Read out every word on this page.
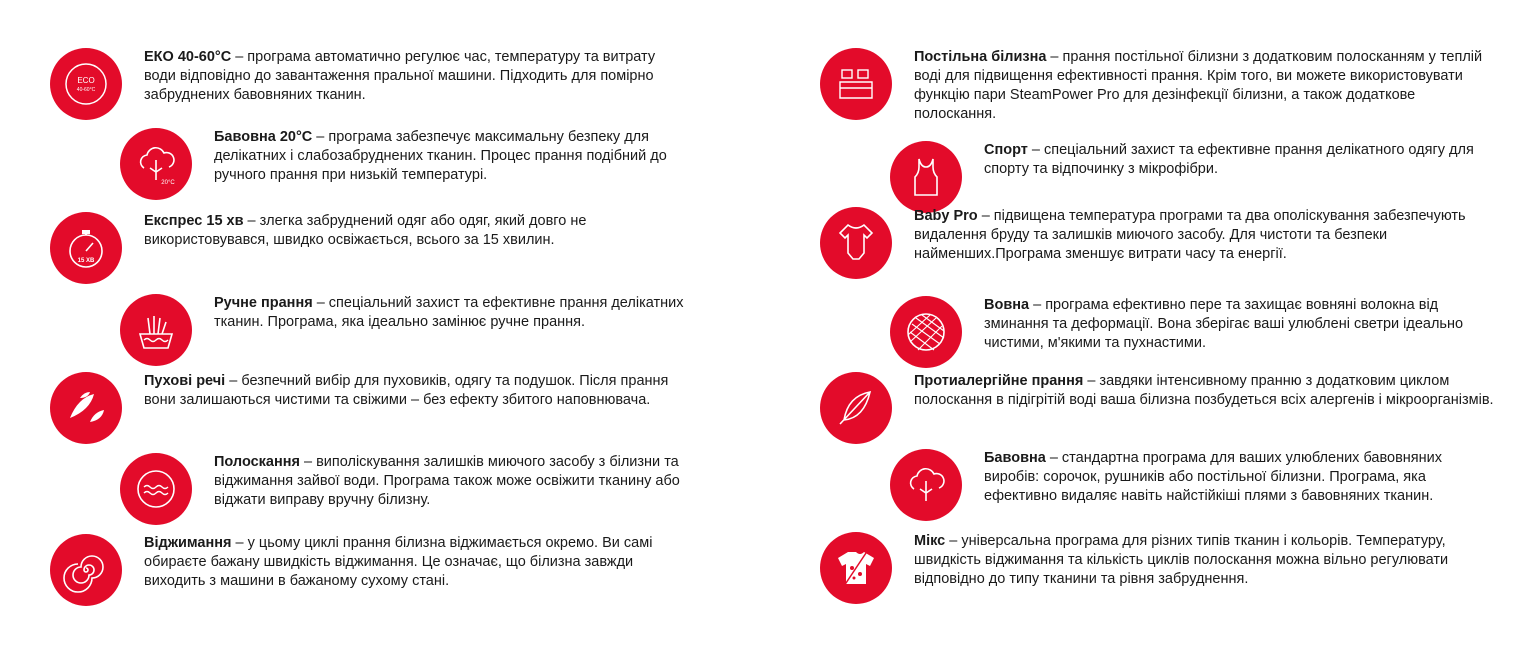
ECO
40-60°C
ЕКО 40-60°C – програма автоматично регулює час, температуру та витрату води відповідно до завантаження пральної машини. Підходить для помірно забруднених бавовняних тканин.
20°C
Бавовна 20°C – програма забезпечує максимальну безпеку для делікатних і слабозабруднених тканин. Процес прання подібний до ручного прання при низькій температурі.
15 ХВ
Експрес 15 хв – злегка забруднений одяг або одяг, який довго не використовувався, швидко освіжається, всього за 15 хвилин.
Ручне прання – спеціальний захист та ефективне прання делікатних тканин. Програма, яка ідеально замінює ручне прання.
Пухові речі – безпечний вибір для пуховиків, одягу та подушок. Після прання вони залишаються чистими та свіжими – без ефекту збитого наповнювача.
Полоскання – виполіскування залишків миючого засобу з білизни та віджимання зайвої води. Програма також може освіжити тканину або віджати виправу вручну білизну.
Віджимання – у цьому циклі прання білизна віджимається окремо. Ви самі обираєте бажану швидкість віджимання. Це означає, що білизна завжди виходить з машини в бажаному сухому стані.
Постільна білизна – прання постільної білизни з додатковим полосканням у теплій воді для підвищення ефективності прання. Крім того, ви можете використовувати функцію пари SteamPower Pro для дезінфекції білизни, а також додаткове полоскання.
Спорт – спеціальний захист та ефективне прання делікатного одягу для спорту та відпочинку з мікрофібри.
Baby Pro – підвищена температура програми та два ополіскування забезпечують видалення бруду та залишків миючого засобу. Для чистоти та безпеки найменших.Програма зменшує витрати часу та енергії.
Вовна – програма ефективно пере та захищає вовняні волокна від зминання та деформації. Вона зберігає ваші улюблені светри ідеально чистими, м'якими та пухнастими.
Протиалергійне прання – завдяки інтенсивному пранню з додатковим циклом полоскання в підігрітій воді ваша білизна позбудеться всіх алергенів і мікроорганізмів.
Бавовна – стандартна програма для ваших улюблених бавовняних виробів: сорочок, рушників або постільної білизни. Програма, яка ефективно видаляє навіть найстійкіші плями з бавовняних тканин.
Мікс – універсальна програма для різних типів тканин і кольорів. Температуру, швидкість віджимання та кількість циклів полоскання можна вільно регулювати відповідно до типу тканини та рівня забруднення.
